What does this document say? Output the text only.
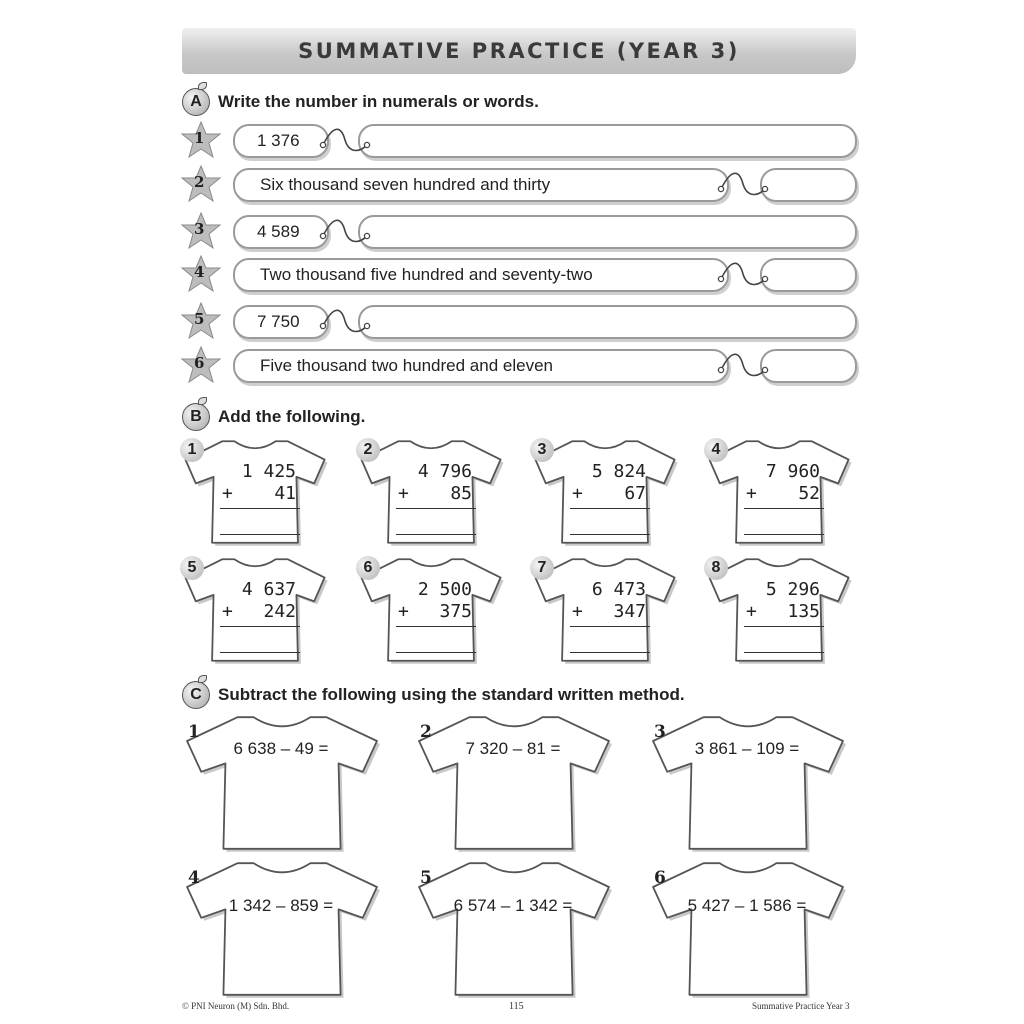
SUMMATIVE PRACTICE (YEAR 3)
A Write the number in numerals or words.
1	1 376
2	Six thousand seven hundred and thirty
3	4 589
4	Two thousand five hundred and seventy-two
5	7 750
6	Five thousand two hundred and eleven
B Add the following.
1
1 425
+ 41
2
4 796
+ 85
3
5 824
+ 67
4
7 960
+ 52
5
4 637
+ 242
6
2 500
+ 375
7
6 473
+ 347
8
5 296
+ 135
C Subtract the following using the standard written method.
1
6 638 – 49 =
2
7 320 – 81 =
3
3 861 – 109 =
4
1 342 – 859 =
5
6 574 – 1 342 =
6
5 427 – 1 586 =
© PNI Neuron (M) Sdn. Bhd.	115	Summative Practice Year 3
